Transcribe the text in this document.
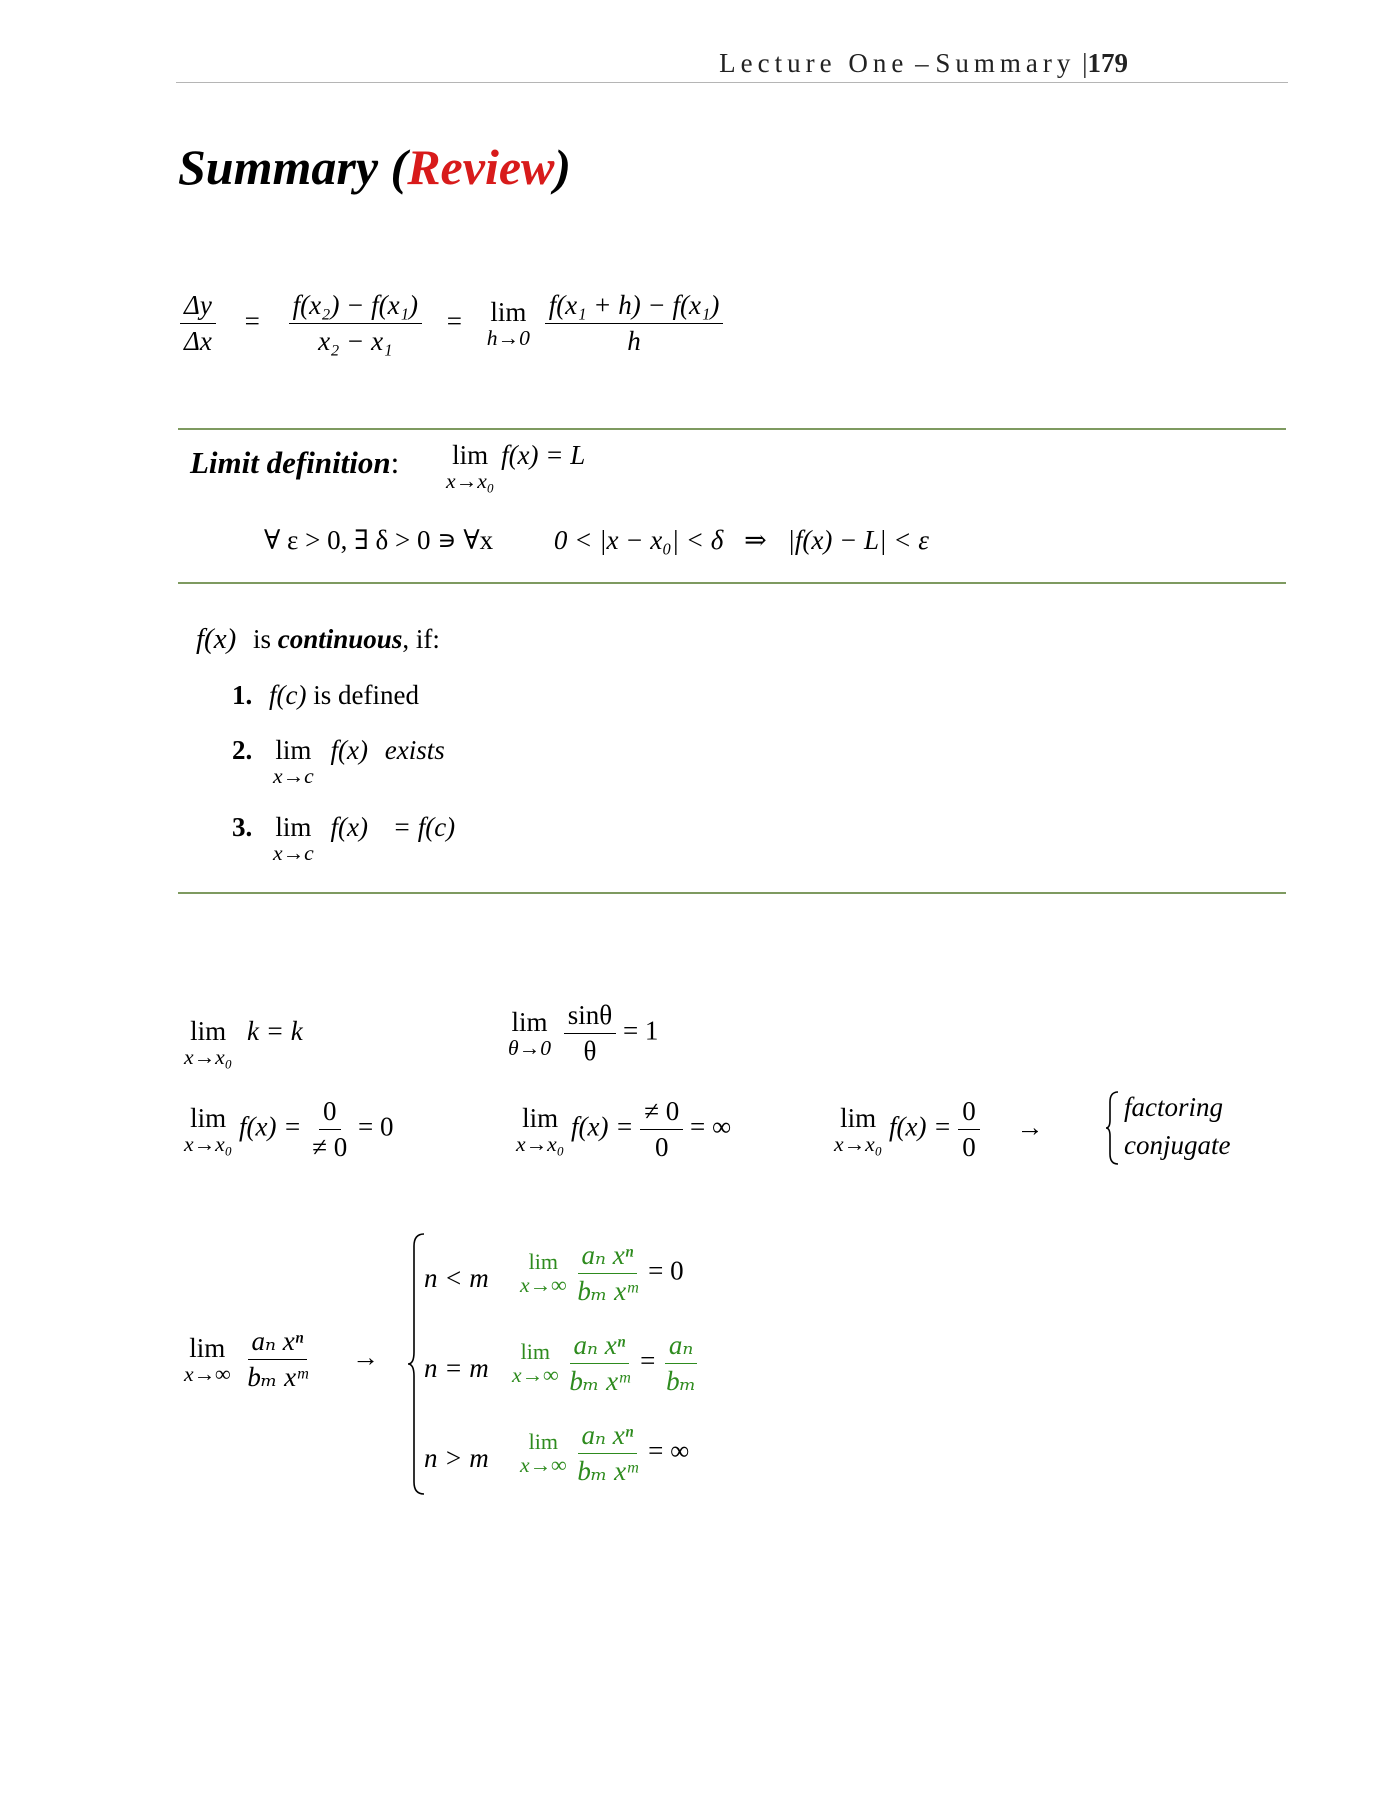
Lecture One – Summary |179
Summary (Review)
$\frac{\Delta y}{\Delta x} = \frac{\text{f(x₂) − f(x₁)}}{\text{x₂ − x₁}} = \lim$
h→0
$\frac{\text{f(x₁ + h) − f(x₁)}}{h}$
Limit definition: lim
x→x₀
f(x) = L
∀ ε > 0, ∃ δ > 0 ∍ ∀x 0 < |x − x₀| < δ ⇒ |f(x) − L| < ε
f(x) is continuous, if:
1. f(c) is defined
2. lim
x→c
f(x) exists
3. lim
x→c
f(x) = f(c)
lim
x→x₀
k = k	lim
θ→0
$\frac{\sin\theta}{\theta} = 1$
lim
x→x₀
$f(x) = \frac{0}{\ne 0} = 0$	lim
x→x₀
$f(x) = \frac{\ne 0}{0}$ = ∞	lim
x→x₀
$f(x) = \frac{0}{0}$ →
factoring
conjugate
lim
x→∞
$\frac{\text{aₙ xⁿ}}{\text{bₘ xᵐ}}$ →
n < m
lim
x→∞
$\frac{\text{aₙ xⁿ}}{\text{bₘ xᵐ}} = 0$
n = m
lim
x→∞
$\frac{\text{aₙ xⁿ}}{\text{bₘ xᵐ}} = \frac{\text{aₙ}}{\text{bₘ}}$
n > m
lim
x→∞
$\frac{\text{aₙ xⁿ}}{\text{bₘ xᵐ}}$ = ∞
